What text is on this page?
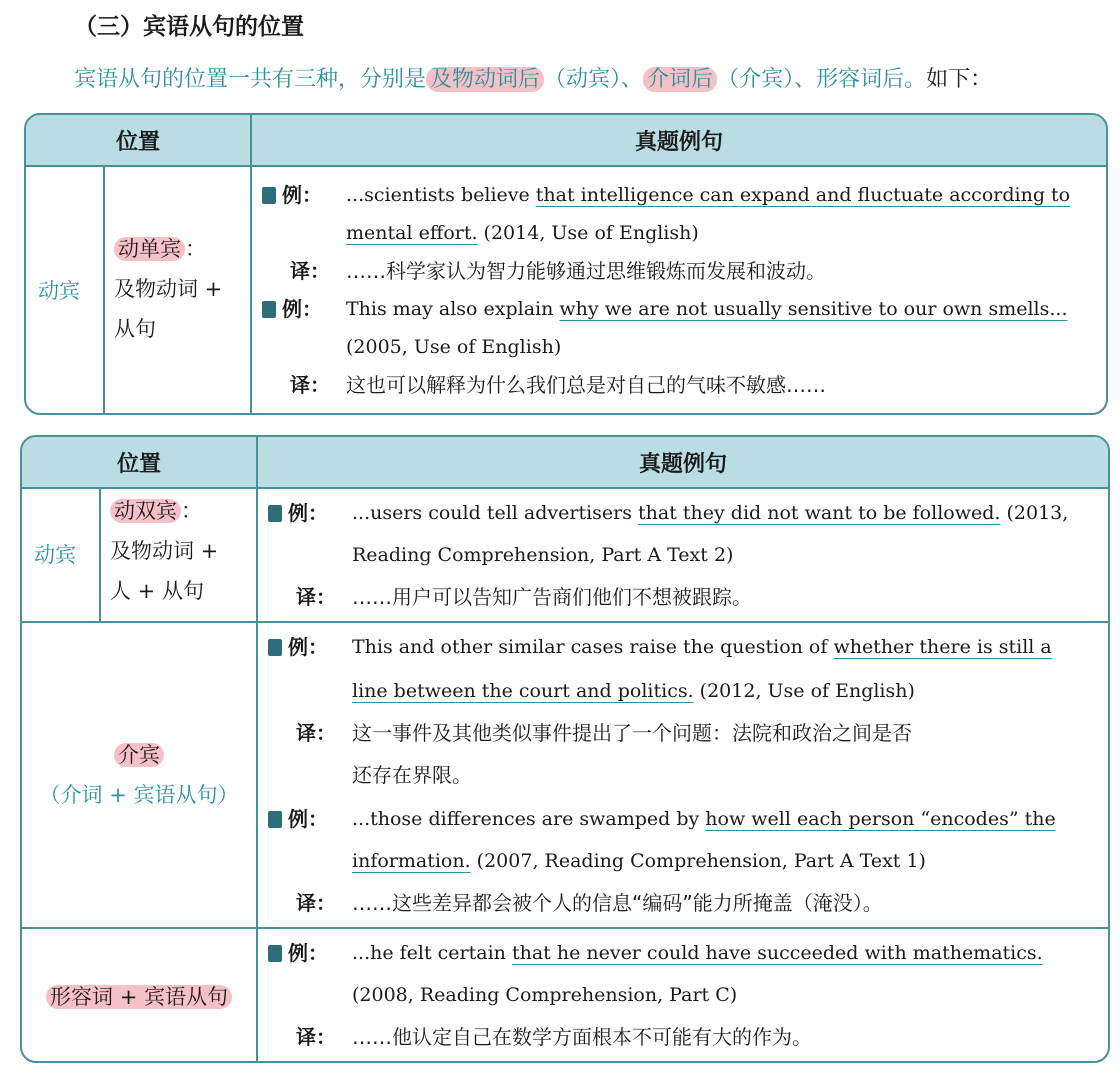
（三）宾语从句的位置
宾语从句的位置一共有三种，分别是 及物动词后 （动宾）、 介词后 （介宾）、形容词后。如下：
位置	真题例句
动宾
动单宾 ：
及物动词 +
从句
例： ...scientists believe that intelligence can expand and fluctuate according to
mental effort. (2014, Use of English)
译： ……科学家认为智力能够通过思维锻炼而发展和波动。
例： This may also explain why we are not usually sensitive to our own smells...
(2005, Use of English)
译： 这也可以解释为什么我们总是对自己的气味不敏感……
位置	真题例句
动宾
动双宾 ：
及物动词 +
人 + 从句
例： ...users could tell advertisers that they did not want to be followed. (2013,
Reading Comprehension, Part A Text 2)
译： ……用户可以告知广告商们他们不想被跟踪。
介宾
（介词 + 宾语从句）
例： This and other similar cases raise the question of whether there is still a
line between the court and politics. (2012, Use of English)
译： 这一事件及其他类似事件提出了一个问题：法院和政治之间是否
还存在界限。
例： ...those differences are swamped by how well each person “encodes” the
information. (2007, Reading Comprehension, Part A Text 1)
译： ……这些差异都会被个人的信息“编码”能力所掩盖（淹没）。
形容词 + 宾语从句
例： ...he felt certain that he never could have succeeded with mathematics.
(2008, Reading Comprehension, Part C)
译： ……他认定自己在数学方面根本不可能有大的作为。
